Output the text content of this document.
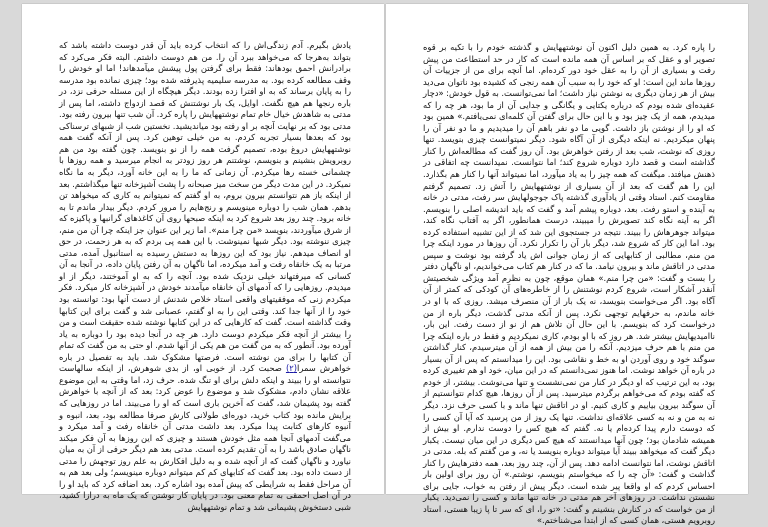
یادش بگیرم. آدم زندگی‌اش را که انتخاب کرده باید آن قدر دوست داشته باشد که بتواند به‌هرجا که می‌خواهد ببرد آن را. من هم دوست داشتم. البته فکر می‌کرد که برادرانش احمق بودهاند: فقط برای گرفتن پول پیشش میآمدهاند! اما او خودش را وقف مطالعه کرده بود. به مدرسه سلیمیه پذیرفته شده بود؛ چیزی نمانده بود مدرسه را به پایان برساند که به او افترا زده بودند. دیگر هیچگاه از این مسئله حرفی نزد، در باره رنجها هم هیچ نگفت. اوایل، یک بار نوشتنش که قصد ازدواج داشته، اما پس از مدتی به شاهدش خیال خام تمام نوشتههایش را پاره کرد. آن شب تنها بیرون رفته بود. مدتی بود که بر نهایت آنچه بر او رفته بود میاندیشید. نخستین شب از شبهای ترسناکی بود که بعدها بسیار تجربه کردم. به من خیلی توهین کرد. پس از آنکه گفت همه نوشتههایش دروغ بوده، تصمیم گرفت همه را از نو بنویسد. چون گفته بود من هم روبرویش بنشینم و بنویسم، نوشتنم هر روز زودتر به انجام میرسید و همه روزها با چشمانی خسته رها میکردم. آن زمانی که ما را به این خانه آورد، دیگر به ما نگاه نمیکرد. در این مدت دیگر من سخت میز صبحانه را پشت آشپزخانه تنها میگذاشتم. بعد از اینکه باز هم نتوانستم بیرون بروم، به او گفتم که نمیتوانم به کاری که میخواهد تن بدهم. همان شب را دوباره مینویسم و رنج‌هایم را مرور کردم. دیگر بیدار ماندم تا به خانه برود. چند روز بعد شروع کرد به اینکه صبحها روی آن کاغذهای گرانبها و پاکیزه که از شرق میآوردند، بنویسد «من چرا منم». اما زیر این عنوان جز اینکه چرا آن من منم، چیزی ننوشته بود. دیگر شبها نمینوشت. با این همه پی بردم که به هر زحمت، در حق او انصاف میدهم. نیاز بود که این روزها به دستش رسیده به استانبول آمده، مدتی مرتبا به یک خانقاه رفت و آمد میکرده، اما ناگهان به آن رفتن پایان داده، در آنجا به آن کسانی که میرفتهاند خیلی نزدیک شده بود. آنچه را که به او آموختند، دیگر از او میدیدم. روزهایی را که آدمهای آن خانقاه میآمدند خودش در آشپزخانه کار میکرد. فکر میکردم زنی که موفقیتهای واقعی استاد خلاص شدنش از دست آنها بود: توانسته بود خود را از آنها جدا کند. وقتی این را به او گفتم، عصبانی شد و گفت برای این کتابها وقت گذاشته است. گفت که کارهایی که در این کتابها نوشته شده حقیقت است و من را بیشتر از آنچه فکر میکردم دوست دارد. هر چه در آنجا دیده بود را دوباره به یاد آورده بود. آنطور که به من گفت من هم یکی از آنها شدم. او حتی به من گفت که تمام آن کتابها را برای من نوشته است. فرصتها مشکوک شد. باید به تفصیل در باره خواهرش سمرا(۲) صحبت کرد. از خوبی او، از بدی شوهرش، از اینکه سالهاست نتوانسته او را ببیند و اینکه دلش برای او تنگ شده. حرف زد، اما وقتی به این موضوع علاقه نشان دادم، مشکوک شد و موضوع را عوض کرد: بعد که از آنچه با خواهرش گفته بود پشیمان شد، گفت که آخرین باری است که او را می‌بیند. اما در روزهایی که برایش مانده بود کتاب خرید، دوره‌ای طولانی کارش صرفا مطالعه بود، بعد، انبوه و آنبوه کارهای کتابت پیدا میکرد. بعد داشت مدتی آن خانقاه رفت و آمد میکرد و می‌گفت آدمهای آنجا همه مثل خودش هستند و چیزی که این روزها به آن فکر میکند ناگهان صادق باشد را به آن تقدیم کرده است. مدتی بعد هم دیگر حرفی از آن به ميان نياورد و ناگهان گفت که از آنچه شده و به دلیل افکارش به علم روز توجهش را مدتی از دست داده بود. بعد گفت که کتابهای کم کم میتوانم دوباره مینویسم؛ ولی بعد هم به آن مراحل فقط به شرایطی که پیش آمده بود اشاره کرد. بعد اضافه کرد که باید او را در آن اصل احمقی به تمام معنی بود. در پایان کار نوشتن که یک ماه به درازا کشید، شبی دستخوش پشیمانی شد و تمام نوشتههایش
را پاره کرد. به همین دلیل اکنون آن نوشتههایش و گذشته خودم را با تکیه بر قوه تصویر او و عقل که بر اساس آن همه مانده است که کار در حد استطاعت من پیش رفت و بسیاری از آن را به عقل خود دور کرده‌ام. اما آنچه برای من از جزییات آن روزها ماند این است: او که خود را به سبب آن همه رنجی که کشیده بود ناتوان می‌دید بیش از هر زمان دیگری به نوشتن نیاز داشت؛ اما نمی‌توانست. به قول خودش: «دچار عقیده‌ای شده بودم که درباره یکتایی و یگانگی و جدایی آن از ما بود، هر چه را که میدیدم، همه از یک چیز بود و با این حال برای گفتن آن کلمه‌ای نمی‌یافتم.» همین بود که او را از نوشتن باز داشت. گویی ما دو نفر باهم آن را میدیدیم و ما دو نفر آن را پنهان میکردیم. نه اینکه دیگری از آن آگاه شود. دیگر نمیتوانست چیزی بنویسد. تنها روزی که نوشت، شب بعد از رفتن خواهرش بود. آن روز گفت که مطالعه‌اش را کنار گذاشته است و قصد دارد دوباره شروع کند؛ اما نتوانست. نمیدانست چه اتفاقی در ذهنش میافتد. میگفت که همه چیز را به یاد میآورد، اما نمیتواند آنها را کنار هم بگذارد. این را هم گفت که بعد از آن بسیاری از نوشتههایش را آتش زد. تصمیم گرفتم مقاومت کنم. استاد وقتی از یادآوری گذشته پاک جوجولهایش سر رفت، مدتی در خانه به آینده و استو رفت. بعد، دوباره پیشم آمد و گفت که باید اندیشه اصلی را بنویسم. اگر به آینه نگاه کند تصویرش را میبیند، درست همانطور، اگر به آفتاب نگاه کند، میتواند جوهرهاش را ببیند. نتیجه در جستجوی این شد که از این تشبیه استفاده کرده بود. اما این کار که شروع شد، دیگر بار آن را تکرار نکرد. آن روزها در مورد اینکه چرا من منم، مطالبی از کتابهایی که از زمان جوانی اش یاد گرفته بود نوشت و سپس مدتی در اتاقش ماند و بیرون نیامد. ما که در کنار هم کتاب می‌خواندیم، او ناگهان دفتر را بست و گفت: «من چرا منم.» همان موقع، چون به نظرم آمد ویژگی شخصیتش آنقدر آشکار است، شروع کردم نوشتنش را از خاطره‌های آن کودکی که کمتر از آن آگاه بود. اگر می‌خواست بنویسد، نه یک بار از آن منصرف میشد. روزی که با او در خانه ماندم، به حرفهایم توجهی نکرد. پس از آنکه مدتی گذشت، دیگر باره از من درخواست کرد که بنویسم. با این حال آن تلاش هم از نو از دست رفت. این بار، ناامیدیهایش بیشتر شد. هر روز که با او بودم، کاری نمیکردیم و فقط در باره اینکه چرا من منم با هم حرف میزدیم. آنکه را من بیش از همه از آن میترسیدم، کنار گذاشتن سوگند خود و روی آوردن او به خط و نقاشی بود. این را میدانستم که پس از آن بسیار در باره آن خواهد نوشت. اما هنوز نمی‌دانستم که در این میان، خود او هم تغییری کرده بود، به این ترتیب که او دیگر در کنار من نمی‌نشست و تنها می‌نوشت. بیشتر، از خودم که گفته بودم که می‌خواهم برگردم میترسید. پس از آن روزها، هیچ کدام نتوانستیم از آن سوگند بیرون بیاییم و کاری کنیم. او در اتاقش تنها ماند و با کسی حرف نزد. دیگر نه به من و نه به کسی علاقه‌ای نداشت. تنها یک روز از من پرسید که آیا آن کسی را که دوست دارم پیدا کرده‌ام یا نه. گفتم که هیچ کس را دوست ندارم. او بیش از همیشه شادمان بود؛ چون آنها میدانستند که هیچ کس دیگری در این میان نیست. یکبار دیگر گفت که میخواهد ببیند آیا میتواند دوباره بنویسد یا نه، و من گفتم که بله. مدتی در اتاقش نوشت، اما نتوانست ادامه دهد. پس از آن، چند روز بعد، همه دفترهایش را کنار گذاشت و گفت: «آن چه را که میخواستم بنویسم، نوشتم.» آن روز برای اولین بار احساس کردم که او واقعا پیر شده است. دیگر پیش از رفتن به خواب، جایی برای نشستن نداشت. در روزهای آخر هم مدتی در خانه تنها ماند و کسی را نمی‌دید. یکبار از من خواست که در کنارش بنشینم و گفت: «تو را، ای که سر تا پا زیبا هستی، استاد روبرویم هستی، همان کسی که از ابتدا می‌شناختم.»
